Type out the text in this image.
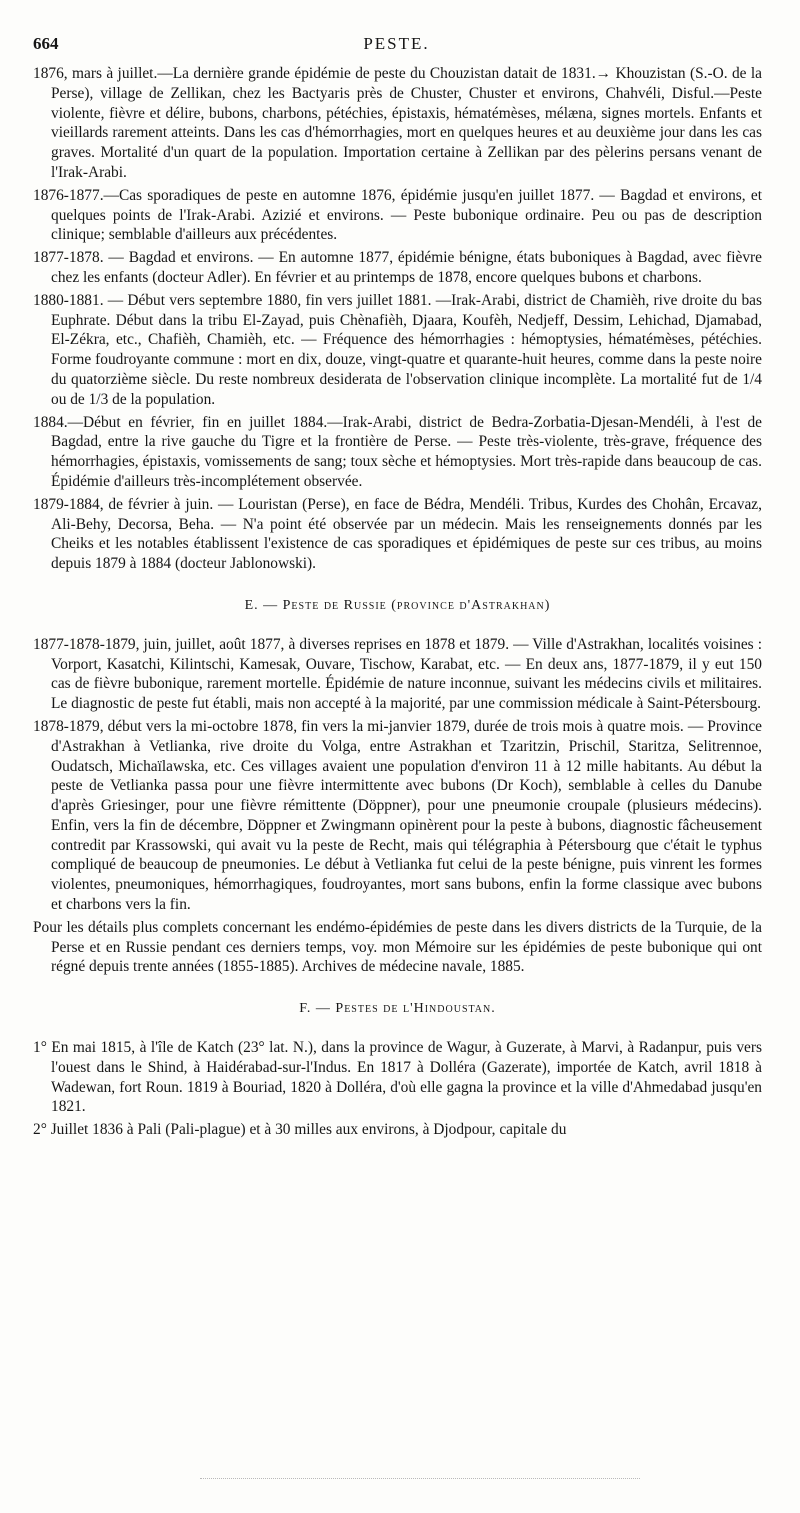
664	PESTE.

1876, mars à juillet.—La dernière grande épidémie de peste du Chouzistan datait de 1831.→ Khouzistan (S.-O. de la Perse), village de Zellikan, chez les Bactyaris près de Chuster, Chuster et environs, Chahvéli, Disful.—Peste violente, fièvre et délire, bubons, charbons, pétéchies, épistaxis, hématémèses, mélæna, signes mortels. Enfants et vieillards rarement atteints. Dans les cas d'hémorrhagies, mort en quelques heures et au deuxième jour dans les cas graves. Mortalité d'un quart de la population. Importation certaine à Zellikan par des pèlerins persans venant de l'Irak-Arabi.

1876-1877.—Cas sporadiques de peste en automne 1876, épidémie jusqu'en juillet 1877. — Bagdad et environs, et quelques points de l'Irak-Arabi. Azizié et environs. — Peste bubonique ordinaire. Peu ou pas de description clinique; semblable d'ailleurs aux précédentes.

1877-1878. — Bagdad et environs. — En automne 1877, épidémie bénigne, états buboniques à Bagdad, avec fièvre chez les enfants (docteur Adler). En février et au printemps de 1878, encore quelques bubons et charbons.

1880-1881. — Début vers septembre 1880, fin vers juillet 1881. —Irak-Arabi, district de Chamièh, rive droite du bas Euphrate. Début dans la tribu El-Zayad, puis Chènafièh, Djaara, Koufèh, Nedjeff, Dessim, Lehichad, Djamabad, El-Zékra, etc., Chafièh, Chamièh, etc. — Fréquence des hémorrhagies : hémoptysies, hématémèses, pétéchies. Forme foudroyante commune : mort en dix, douze, vingt-quatre et quarante-huit heures, comme dans la peste noire du quatorzième siècle. Du reste nombreux desiderata de l'observation clinique incomplète. La mortalité fut de 1/4 ou de 1/3 de la population.

1884.—Début en février, fin en juillet 1884.—Irak-Arabi, district de Bedra-Zorbatia-Djesan-Mendéli, à l'est de Bagdad, entre la rive gauche du Tigre et la frontière de Perse. — Peste très-violente, très-grave, fréquence des hémorrhagies, épistaxis, vomissements de sang; toux sèche et hémoptysies. Mort très-rapide dans beaucoup de cas. Épidémie d'ailleurs très-incomplétement observée.

1879-1884, de février à juin. — Louristan (Perse), en face de Bédra, Mendéli. Tribus, Kurdes des Chohân, Ercavaz, Ali-Behy, Decorsa, Beha. — N'a point été observée par un médecin. Mais les renseignements donnés par les Cheiks et les notables établissent l'existence de cas sporadiques et épidémiques de peste sur ces tribus, au moins depuis 1879 à 1884 (docteur Jablonowski).

E. — Peste de Russie (province d'Astrakhan)

1877-1878-1879, juin, juillet, août 1877, à diverses reprises en 1878 et 1879. — Ville d'Astrakhan, localités voisines : Vorport, Kasatchi, Kilintschi, Kamesak, Ouvare, Tischow, Karabat, etc. — En deux ans, 1877-1879, il y eut 150 cas de fièvre bubonique, rarement mortelle. Épidémie de nature inconnue, suivant les médecins civils et militaires. Le diagnostic de peste fut établi, mais non accepté à la majorité, par une commission médicale à Saint-Pétersbourg.

1878-1879, début vers la mi-octobre 1878, fin vers la mi-janvier 1879, durée de trois mois à quatre mois. — Province d'Astrakhan à Vetlianka, rive droite du Volga, entre Astrakhan et Tzaritzin, Prischil, Staritza, Selitrennoe, Oudatsch, Michaïlawska, etc. Ces villages avaient une population d'environ 11 à 12 mille habitants. Au début la peste de Vetlianka passa pour une fièvre intermittente avec bubons (Dr Koch), semblable à celles du Danube d'après Griesinger, pour une fièvre rémittente (Döppner), pour une pneumonie croupale (plusieurs médecins). Enfin, vers la fin de décembre, Döppner et Zwingmann opinèrent pour la peste à bubons, diagnostic fâcheusement contredit par Krassowski, qui avait vu la peste de Recht, mais qui télégraphia à Pétersbourg que c'était le typhus compliqué de beaucoup de pneumonies. Le début à Vetlianka fut celui de la peste bénigne, puis vinrent les formes violentes, pneumoniques, hémorrhagiques, foudroyantes, mort sans bubons, enfin la forme classique avec bubons et charbons vers la fin.

Pour les détails plus complets concernant les endémo-épidémies de peste dans les divers districts de la Turquie, de la Perse et en Russie pendant ces derniers temps, voy. mon Mémoire sur les épidémies de peste bubonique qui ont régné depuis trente années (1855-1885). Archives de médecine navale, 1885.

F. — Pestes de l'Hindoustan.

1° En mai 1815, à l'île de Katch (23° lat. N.), dans la province de Wagur, à Guzerate, à Marvi, à Radanpur, puis vers l'ouest dans le Shind, à Haidérabad-sur-l'Indus. En 1817 à Dolléra (Gazerate), importée de Katch, avril 1818 à Wadewan, fort Roun. 1819 à Bouriad, 1820 à Dolléra, d'où elle gagna la province et la ville d'Ahmedabad jusqu'en 1821.

2° Juillet 1836 à Pali (Pali-plague) et à 30 milles aux environs, à Djodpour, capitale du
